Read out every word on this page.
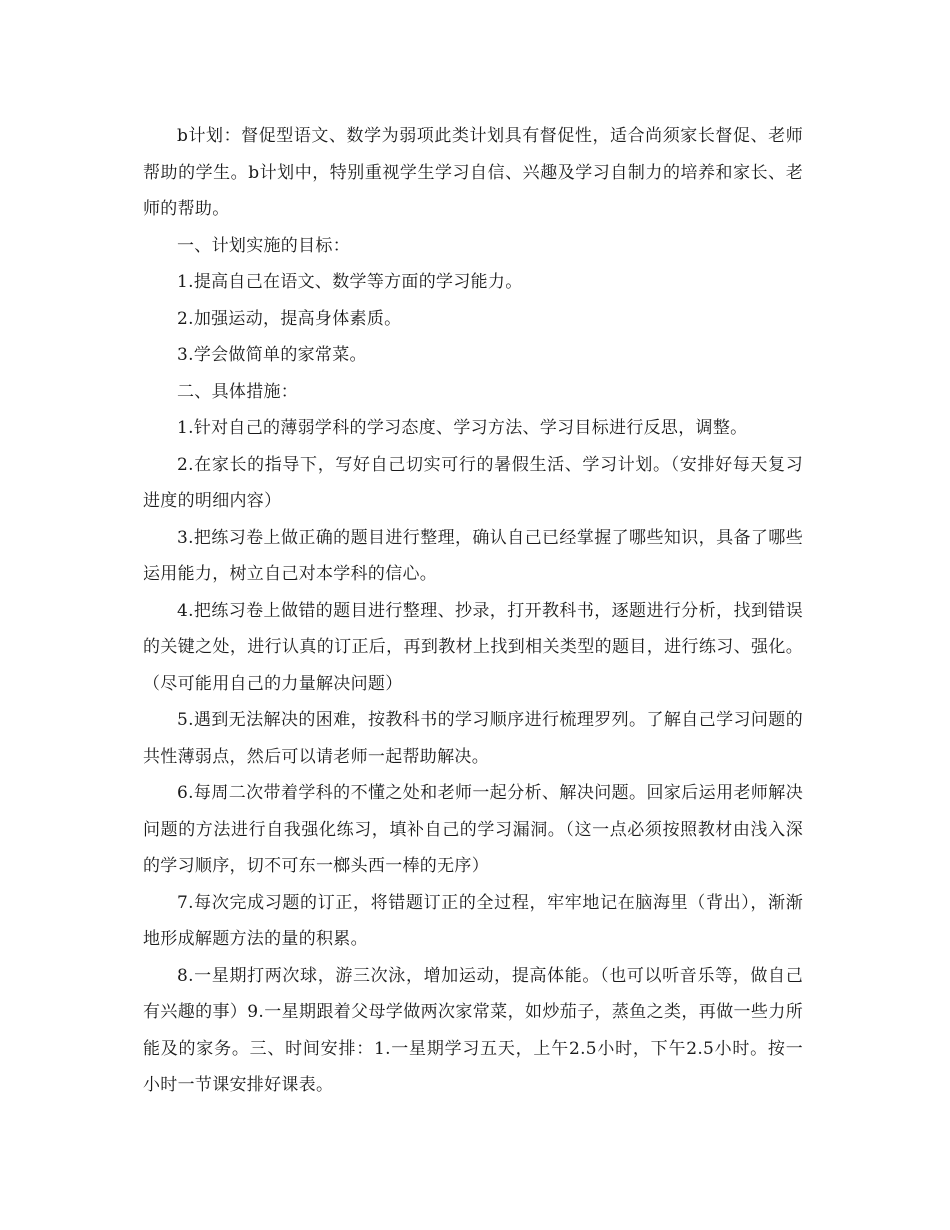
b计划：督促型语文、数学为弱项此类计划具有督促性，适合尚须家长督促、老师帮助的学生。b计划中，特别重视学生学习自信、兴趣及学习自制力的培养和家长、老师的帮助。

一、计划实施的目标：

1.提高自己在语文、数学等方面的学习能力。

2.加强运动，提高身体素质。

3.学会做简单的家常菜。

二、具体措施：

1.针对自己的薄弱学科的学习态度、学习方法、学习目标进行反思，调整。

2.在家长的指导下，写好自己切实可行的暑假生活、学习计划。（安排好每天复习进度的明细内容）

3.把练习卷上做正确的题目进行整理，确认自己已经掌握了哪些知识，具备了哪些运用能力，树立自己对本学科的信心。

4.把练习卷上做错的题目进行整理、抄录，打开教科书，逐题进行分析，找到错误的关键之处，进行认真的订正后，再到教材上找到相关类型的题目，进行练习、强化。（尽可能用自己的力量解决问题）

5.遇到无法解决的困难，按教科书的学习顺序进行梳理罗列。了解自己学习问题的共性薄弱点，然后可以请老师一起帮助解决。

6.每周二次带着学科的不懂之处和老师一起分析、解决问题。回家后运用老师解决问题的方法进行自我强化练习，填补自己的学习漏洞。（这一点必须按照教材由浅入深的学习顺序，切不可东一榔头西一棒的无序）

7.每次完成习题的订正，将错题订正的全过程，牢牢地记在脑海里（背出），渐渐地形成解题方法的量的积累。

8.一星期打两次球，游三次泳，增加运动，提高体能。（也可以听音乐等，做自己有兴趣的事）9.一星期跟着父母学做两次家常菜，如炒茄子，蒸鱼之类，再做一些力所能及的家务。三、时间安排：1.一星期学习五天，上午2.5小时，下午2.5小时。按一小时一节课安排好课表。
